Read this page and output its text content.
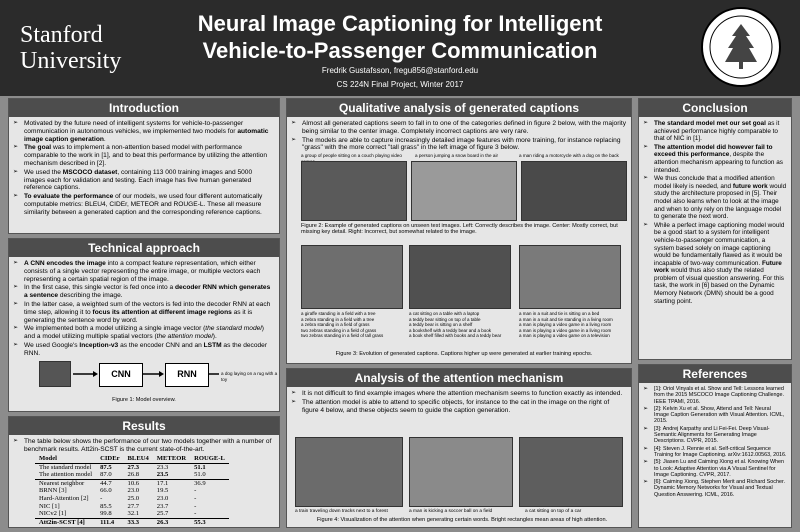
Stanford
University
Neural Image Captioning for Intelligent
Vehicle-to-Passenger Communication
Fredrik Gustafsson, fregu856@stanford.edu
CS 224N Final Project, Winter 2017
Introduction
➢ Motivated by the future need of intelligent systems for vehicle-to-passenger communication in autonomous vehicles, we implemented two models for automatic image caption generation.
➢ The goal was to implement a non-attention based model with performance comparable to the work in [1], and to beat this performance by utilizing the attention mechanism described in [2].
➢ We used the MSCOCO dataset, containing 113 000 training images and 5000 images each for validation and testing. Each image has five human generated reference captions.
➢ To evaluate the performance of our models, we used four different automatically computable metrics: BLEU4, CIDEr, METEOR and ROUGE-L. These all measure similarity between a generated caption and the corresponding reference captions.
Technical approach
➢ A CNN encodes the image into a compact feature representation, which either consists of a single vector representing the entire image, or multiple vectors each representing a certain spatial region of the image.
➢ In the first case, this single vector is fed once into a decoder RNN which generates a sentence describing the image.
➢ In the latter case, a weighted sum of the vectors is fed into the decoder RNN at each time step, allowing it to focus its attention at different image regions as it is generating the sentence word by word.
➢ We implemented both a model utilizing a single image vector (the standard model) and a model utilizing multiple spatial vectors (the attention model).
➢ We used Google's Inception-v3 as the encoder CNN and an LSTM as the decoder RNN.
CNN	RNN	a dog laying on a rug with a toy
Figure 1: Model overview.
Results
➢ The table below shows the performance of our two models together with a number of benchmark results. Att2in-SCST is the current state-of-the-art.
Model	CIDEr	BLEU4	METEOR	ROUGE-L
The standard model	87.5	27.3	23.3	51.1
The attention model	87.0	26.8	23.5	51.0
Nearest neighbor	44.7	10.6	17.1	36.9
BRNN [3]	66.0	23.0	19.5	-
Hard-Attention [2]	-	25.0	23.0	-
NIC [1]	85.5	27.7	23.7	-
NICv2 [1]	99.8	32.1	25.7	-
Att2in-SCST [4]	111.4	33.3	26.3	55.3
Qualitative analysis of generated captions
➢ Almost all generated captions seem to fall in to one of the categories defined in figure 2 below, with the majority being similar to the center image. Completely incorrect captions are very rare.
➢ The models are able to capture increasingly detailed image features with more training, for instance replacing "grass" with the more correct "tall grass" in the left image of figure 3 below.
a group of people sitting on a couch playing video	a person jumping a snow board in the air	a man riding a motorcycle with a dog on the back
Figure 2: Example of generated captions on unseen test images. Left: Correctly describes the image. Center: Mostly correct, but missing key detail. Right: Incorrect, but somewhat related to the image.
a giraffe standing in a field with a tree
a zebra standing in a field with a tree
a zebra standing in a field of grass
two zebras standing in a field of grass
two zebras standing in a field of tall grass
a cat sitting on a table with a laptop
a teddy bear sitting on top of a table
a teddy bear is sitting on a shelf
a bookshelf with a teddy bear and a book
a book shelf filled with books and a teddy bear
a man in a suit and tie is sitting on a bed
a man in a suit and tie standing in a living room
a man is playing a video game in a living room
a man is playing a video game in a living room
a man is playing a video game on a television
Figure 3: Evolution of generated captions. Captions higher up were generated at earlier training epochs.
Analysis of the attention mechanism
➢ It is not difficult to find example images where the attention mechanism seems to function exactly as intended.
➢ The attention model is able to attend to specific objects, for instance to the cat in the image on the right of figure 4 below, and these objects seem to guide the caption generation.
a train traveling down tracks next to a forest	a man is kicking a soccer ball on a field	a cat sitting on top of a car
Figure 4: Visualization of the attention when generating certain words. Bright rectangles mean areas of high attention.
Conclusion
➢ The standard model met our set goal as it achieved performance highly comparable to that of NIC in [1].
➢ The attention model did however fail to exceed this performance, despite the attention mechanism appearing to function as intended.
➢ We thus conclude that a modified attention model likely is needed, and future work would study the architecture proposed in [5]. Their model also learns when to look at the image and when to only rely on the language model to generate the next word.
➢ While a perfect image captioning model would be a good start to a system for intelligent vehicle-to-passenger communication, a system based solely on image captioning would be fundamentally flawed as it would be incapable of two-way communication. Future work would thus also study the related problem of visual question answering. For this task, the work in [6] based on the Dynamic Memory Network (DMN) should be a good starting point.
References
➢ [1]: Oriol Vinyals et al. Show and Tell: Lessons learned from the 2015 MSCOCO Image Captioning Challenge. IEEE TPAMI, 2016.
➢ [2]: Kelvin Xu et al. Show, Attend and Tell: Neural Image Caption Generation with Visual Attention. ICML, 2015.
➢ [3]: Andrej Karpathy and Li Fei-Fei. Deep Visual-Semantic Alignments for Generating Image Descriptions. CVPR, 2015.
➢ [4]: Steven J. Rennie et al. Self-critical Sequence Training for Image Captioning. arXiv:1612.00563, 2016.
➢ [5]: Jiasen Lu and Caiming Xiong et al. Knowing When to Look: Adaptive Attention via A Visual Sentinel for Image Captioning. CVPR, 2017.
➢ [6]: Caiming Xiong, Stephen Merit and Richard Socher. Dynamic Memory Networks for Visual and Textual Question Answering. ICML, 2016.
